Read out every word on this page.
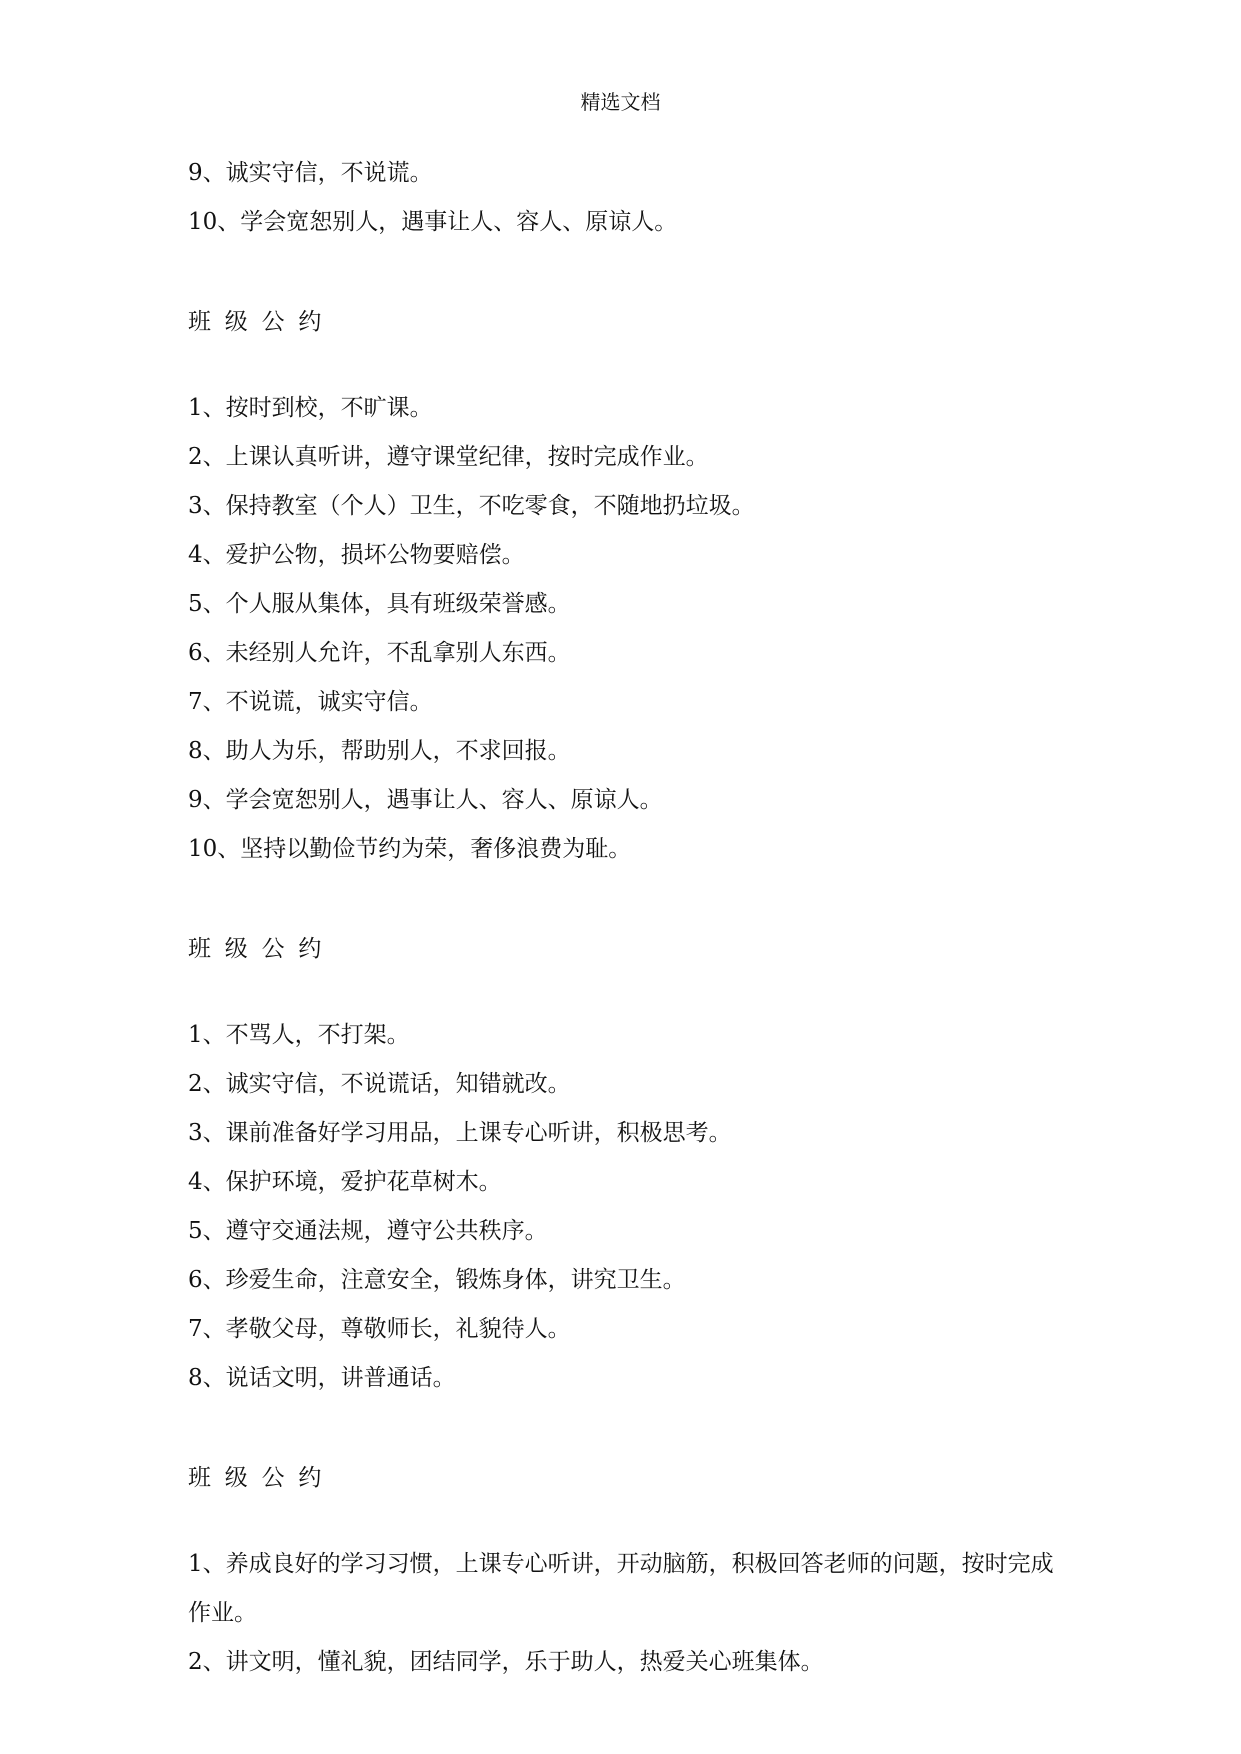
精选文档
9、诚实守信，不说谎。
10、学会宽恕别人，遇事让人、容人、原谅人。
班级公约
1、按时到校，不旷课。
2、上课认真听讲，遵守课堂纪律，按时完成作业。
3、保持教室（个人）卫生，不吃零食，不随地扔垃圾。
4、爱护公物，损坏公物要赔偿。
5、个人服从集体，具有班级荣誉感。
6、未经别人允许，不乱拿别人东西。
7、不说谎，诚实守信。
8、助人为乐，帮助别人，不求回报。
9、学会宽恕别人，遇事让人、容人、原谅人。
10、坚持以勤俭节约为荣，奢侈浪费为耻。
班级公约
1、不骂人，不打架。
2、诚实守信，不说谎话，知错就改。
3、课前准备好学习用品，上课专心听讲，积极思考。
4、保护环境，爱护花草树木。
5、遵守交通法规，遵守公共秩序。
6、珍爱生命，注意安全，锻炼身体，讲究卫生。
7、孝敬父母，尊敬师长，礼貌待人。
8、说话文明，讲普通话。
班级公约
1、养成良好的学习习惯，上课专心听讲，开动脑筋，积极回答老师的问题，按时完成作业。
2、讲文明，懂礼貌，团结同学，乐于助人，热爱关心班集体。
